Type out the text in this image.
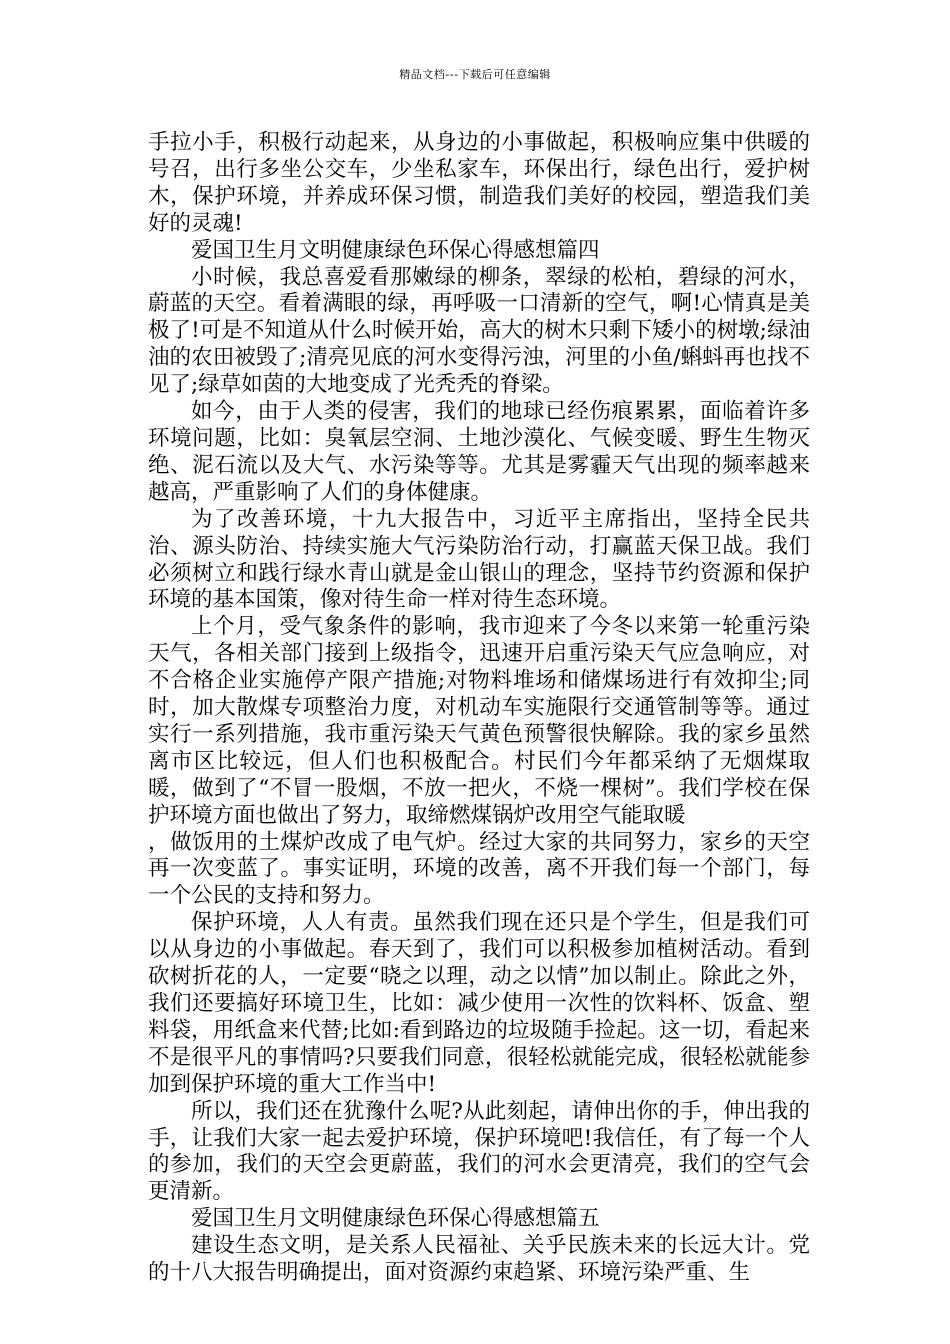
精品文档---下载后可任意编辑

手拉小手，积极行动起来，从身边的小事做起，积极响应集中供暖的号召，出行多坐公交车，少坐私家车，环保出行，绿色出行，爱护树木，保护环境，并养成环保习惯，制造我们美好的校园，塑造我们美好的灵魂!

爱国卫生月文明健康绿色环保心得感想篇四

小时候，我总喜爱看那嫩绿的柳条，翠绿的松柏，碧绿的河水，蔚蓝的天空。看着满眼的绿，再呼吸一口清新的空气，啊!心情真是美极了!可是不知道从什么时候开始，高大的树木只剩下矮小的树墩;绿油油的农田被毁了;清亮见底的河水变得污浊，河里的小鱼/蝌蚪再也找不见了;绿草如茵的大地变成了光秃秃的脊梁。

如今，由于人类的侵害，我们的地球已经伤痕累累，面临着许多环境问题，比如：臭氧层空洞、土地沙漠化、气候变暖、野生生物灭绝、泥石流以及大气、水污染等等。尤其是雾霾天气出现的频率越来越高，严重影响了人们的身体健康。

为了改善环境，十九大报告中，习近平主席指出，坚持全民共治、源头防治、持续实施大气污染防治行动，打赢蓝天保卫战。我们必须树立和践行绿水青山就是金山银山的理念，坚持节约资源和保护环境的基本国策，像对待生命一样对待生态环境。

上个月，受气象条件的影响，我市迎来了今冬以来第一轮重污染天气，各相关部门接到上级指令，迅速开启重污染天气应急响应，对不合格企业实施停产限产措施;对物料堆场和储煤场进行有效抑尘;同时，加大散煤专项整治力度，对机动车实施限行交通管制等等。通过实行一系列措施，我市重污染天气黄色预警很快解除。我的家乡虽然离市区比较远，但人们也积极配合。村民们今年都采纳了无烟煤取暖，做到了“不冒一股烟，不放一把火，不烧一棵树”。我们学校在保护环境方面也做出了努力，取缔燃煤锅炉改用空气能取暖

，做饭用的土煤炉改成了电气炉。经过大家的共同努力，家乡的天空再一次变蓝了。事实证明，环境的改善，离不开我们每一个部门，每一个公民的支持和努力。

保护环境，人人有责。虽然我们现在还只是个学生，但是我们可以从身边的小事做起。春天到了，我们可以积极参加植树活动。看到砍树折花的人，一定要“晓之以理，动之以情”加以制止。除此之外，我们还要搞好环境卫生，比如：减少使用一次性的饮料杯、饭盒、塑料袋，用纸盒来代替;比如:看到路边的垃圾随手捡起。这一切，看起来不是很平凡的事情吗?只要我们同意，很轻松就能完成，很轻松就能参加到保护环境的重大工作当中!

所以，我们还在犹豫什么呢?从此刻起，请伸出你的手，伸出我的手，让我们大家一起去爱护环境，保护环境吧!我信任，有了每一个人的参加，我们的天空会更蔚蓝，我们的河水会更清亮，我们的空气会更清新。

爱国卫生月文明健康绿色环保心得感想篇五

建设生态文明，是关系人民福祉、关乎民族未来的长远大计。党的十八大报告明确提出，面对资源约束趋紧、环境污染严重、生
